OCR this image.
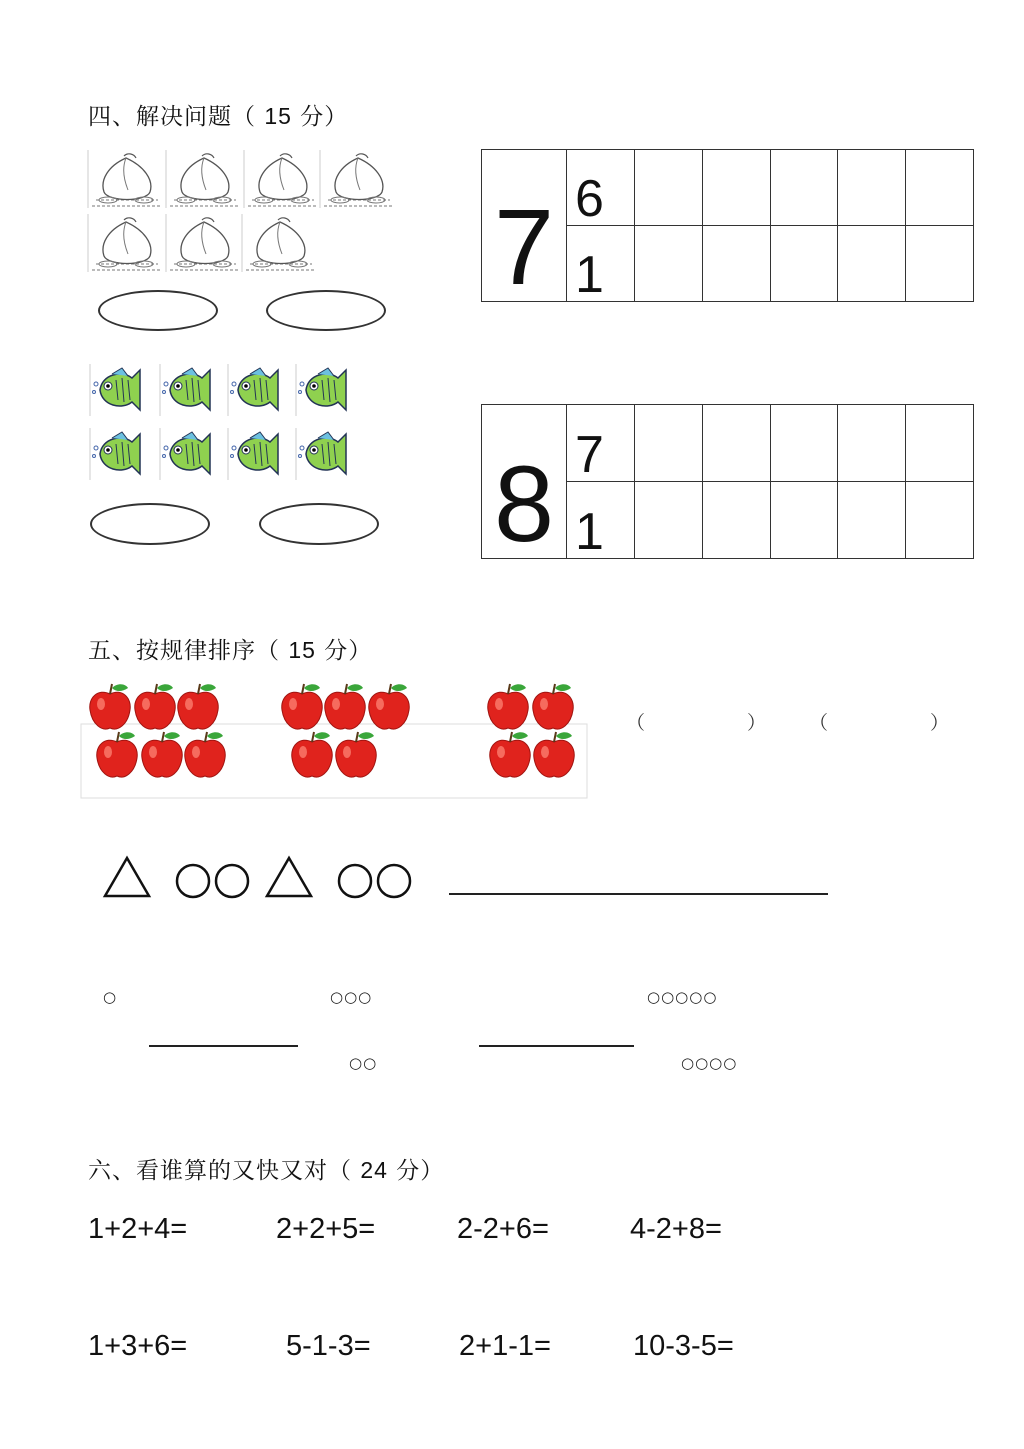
四、解决问题（ 15 分）
7	6					
	1					
8	7					
	1					
五、按规律排序（ 15 分）
（	） （	）
○	○○○	○○○○○
○○	○○○○
六、看谁算的又快又对（ 24 分）
1+2+4=	2+2+5=	2-2+6=	4-2+8=
1+3+6=	5-1-3=	2+1-1=	10-3-5=
